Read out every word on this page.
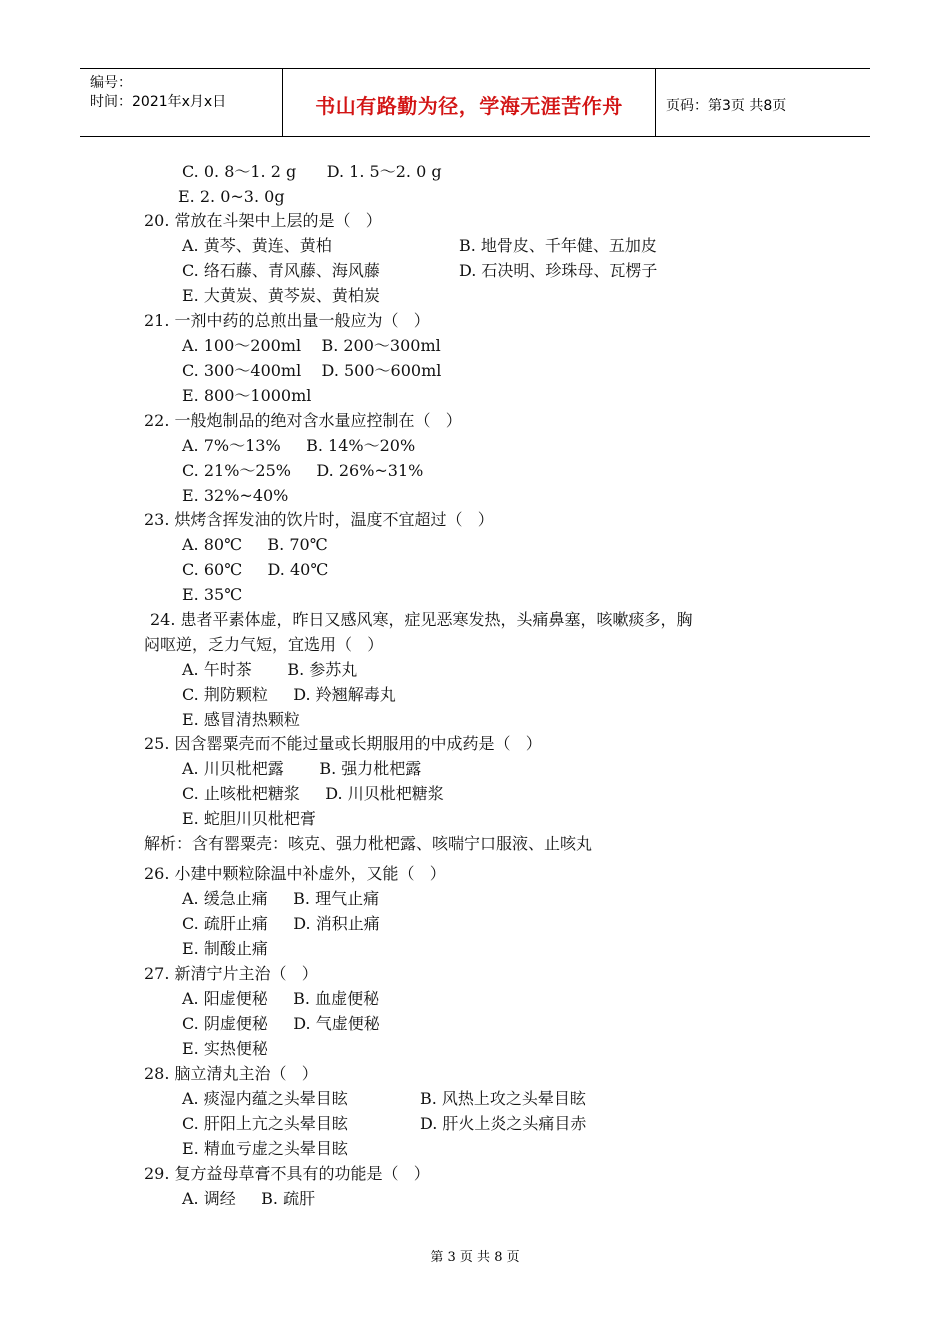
编号：
时间：2021年x月x日	书山有路勤为径，学海无涯苦作舟	页码：第3页 共8页
C. 0. 8～1. 2 g      D. 1. 5～2. 0 g
E. 2. 0~3. 0g
20. 常放在斗架中上层的是（   ）
A. 黄芩、黄连、黄柏	B. 地骨皮、千年健、五加皮
C. 络石藤、青风藤、海风藤	D. 石决明、珍珠母、瓦楞子
E. 大黄炭、黄芩炭、黄柏炭
21. 一剂中药的总煎出量一般应为（   ）
A. 100～200ml    B. 200～300ml
C. 300～400ml    D. 500～600ml
E. 800～1000ml
22. 一般炮制品的绝对含水量应控制在（   ）
A. 7%～13%     B. 14%～20%
C. 21%～25%     D. 26%~31%
E. 32%~40%
23. 烘烤含挥发油的饮片时，温度不宜超过（   ）
A. 80℃     B. 70℃
C. 60℃     D. 40℃
E. 35℃
24. 患者平素体虚，昨日又感风寒，症见恶寒发热，头痛鼻塞，咳嗽痰多，胸
闷呕逆，乏力气短，宜选用（   ）
A. 午时茶       B. 参苏丸
C. 荆防颗粒     D. 羚翘解毒丸
E. 感冒清热颗粒
25. 因含罂粟壳而不能过量或长期服用的中成药是（   ）
A. 川贝枇杷露       B. 强力枇杷露
C. 止咳枇杷糖浆     D. 川贝枇杷糖浆
E. 蛇胆川贝枇杷膏
解析：含有罂粟壳：咳克、强力枇杷露、咳喘宁口服液、止咳丸
26. 小建中颗粒除温中补虚外，又能（   ）
A. 缓急止痛     B. 理气止痛
C. 疏肝止痛     D. 消积止痛
E. 制酸止痛
27. 新清宁片主治（   ）
A. 阳虚便秘     B. 血虚便秘
C. 阴虚便秘     D. 气虚便秘
E. 实热便秘
28. 脑立清丸主治（   ）
A. 痰湿内蕴之头晕目眩	B. 风热上攻之头晕目眩
C. 肝阳上亢之头晕目眩	D. 肝火上炎之头痛目赤
E. 精血亏虚之头晕目眩
29. 复方益母草膏不具有的功能是（   ）
A. 调经     B. 疏肝
第 3 页 共 8 页
